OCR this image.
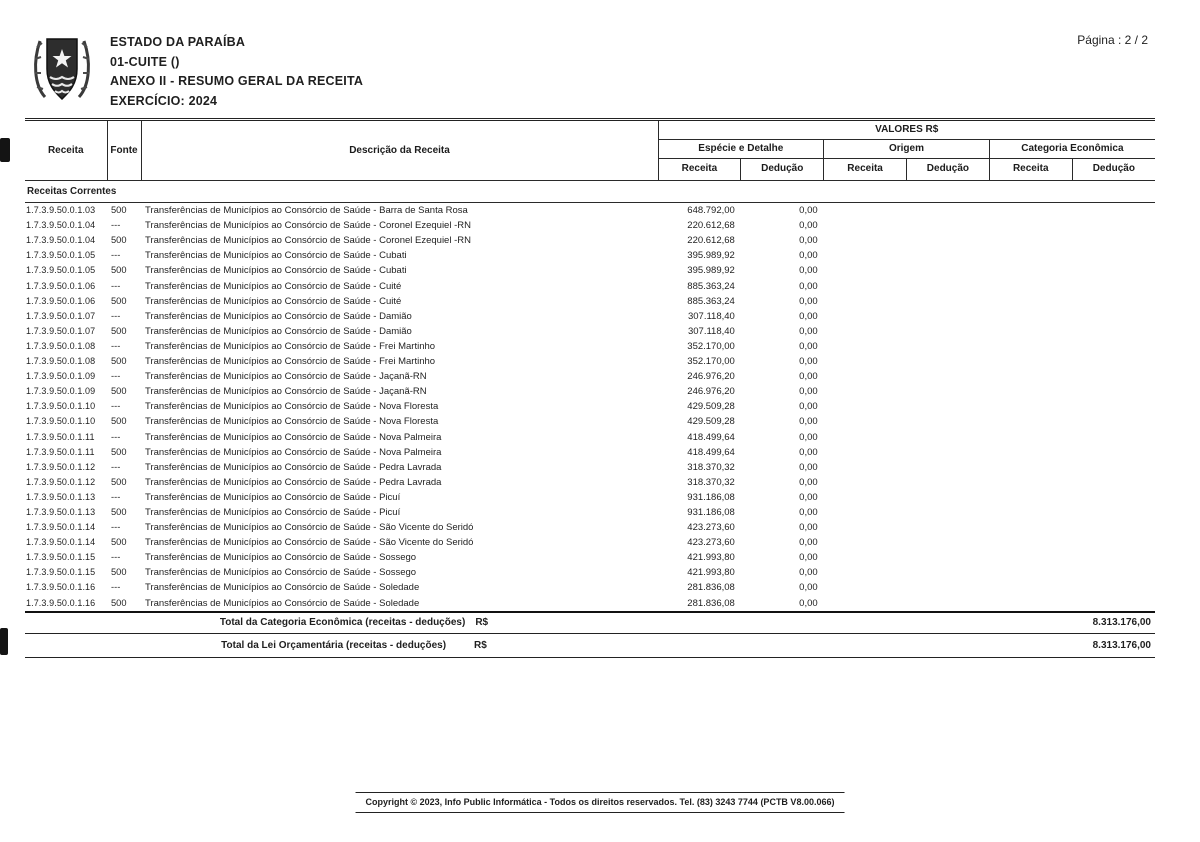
ESTADO DA PARAÍBA
01-CUITE ()
ANEXO II - RESUMO GERAL DA RECEITA
EXERCÍCIO: 2024
Página : 2 / 2
Receita	Fonte	Descrição da Receita	VALORES R$					
			Espécie e Detalhe		Origem		Categoria Econômica	
			Receita	Dedução	Receita	Dedução	Receita	Dedução
Receitas Correntes								
1.7.3.9.50.0.1.03	500	Transferências de Municípios ao Consórcio de Saúde - Barra de Santa Rosa	648.792,00	0,00				
1.7.3.9.50.0.1.04	---	Transferências de Municípios ao Consórcio de Saúde - Coronel Ezequiel -RN	220.612,68	0,00				
1.7.3.9.50.0.1.04	500	Transferências de Municípios ao Consórcio de Saúde - Coronel Ezequiel -RN	220.612,68	0,00				
1.7.3.9.50.0.1.05	---	Transferências de Municípios ao Consórcio de Saúde - Cubati	395.989,92	0,00				
1.7.3.9.50.0.1.05	500	Transferências de Municípios ao Consórcio de Saúde - Cubati	395.989,92	0,00				
1.7.3.9.50.0.1.06	---	Transferências de Municípios ao Consórcio de Saúde - Cuité	885.363,24	0,00				
1.7.3.9.50.0.1.06	500	Transferências de Municípios ao Consórcio de Saúde - Cuité	885.363,24	0,00				
1.7.3.9.50.0.1.07	---	Transferências de Municípios ao Consórcio de Saúde - Damião	307.118,40	0,00				
1.7.3.9.50.0.1.07	500	Transferências de Municípios ao Consórcio de Saúde - Damião	307.118,40	0,00				
1.7.3.9.50.0.1.08	---	Transferências de Municípios ao Consórcio de Saúde - Frei Martinho	352.170,00	0,00				
1.7.3.9.50.0.1.08	500	Transferências de Municípios ao Consórcio de Saúde - Frei Martinho	352.170,00	0,00				
1.7.3.9.50.0.1.09	---	Transferências de Municípios ao Consórcio de Saúde - Jaçanã-RN	246.976,20	0,00				
1.7.3.9.50.0.1.09	500	Transferências de Municípios ao Consórcio de Saúde - Jaçanã-RN	246.976,20	0,00				
1.7.3.9.50.0.1.10	---	Transferências de Municípios ao Consórcio de Saúde - Nova Floresta	429.509,28	0,00				
1.7.3.9.50.0.1.10	500	Transferências de Municípios ao Consórcio de Saúde - Nova Floresta	429.509,28	0,00				
1.7.3.9.50.0.1.11	---	Transferências de Municípios ao Consórcio de Saúde - Nova Palmeira	418.499,64	0,00				
1.7.3.9.50.0.1.11	500	Transferências de Municípios ao Consórcio de Saúde - Nova Palmeira	418.499,64	0,00				
1.7.3.9.50.0.1.12	---	Transferências de Municípios ao Consórcio de Saúde - Pedra Lavrada	318.370,32	0,00				
1.7.3.9.50.0.1.12	500	Transferências de Municípios ao Consórcio de Saúde - Pedra Lavrada	318.370,32	0,00				
1.7.3.9.50.0.1.13	---	Transferências de Municípios ao Consórcio de Saúde - Picuí	931.186,08	0,00				
1.7.3.9.50.0.1.13	500	Transferências de Municípios ao Consórcio de Saúde - Picuí	931.186,08	0,00				
1.7.3.9.50.0.1.14	---	Transferências de Municípios ao Consórcio de Saúde - São Vicente do Seridó	423.273,60	0,00				
1.7.3.9.50.0.1.14	500	Transferências de Municípios ao Consórcio de Saúde - São Vicente do Seridó	423.273,60	0,00				
1.7.3.9.50.0.1.15	---	Transferências de Municípios ao Consórcio de Saúde - Sossego	421.993,80	0,00				
1.7.3.9.50.0.1.15	500	Transferências de Municípios ao Consórcio de Saúde - Sossego	421.993,80	0,00				
1.7.3.9.50.0.1.16	---	Transferências de Municípios ao Consórcio de Saúde - Soledade	281.836,08	0,00				
1.7.3.9.50.0.1.16	500	Transferências de Municípios ao Consórcio de Saúde - Soledade	281.836,08	0,00				
Total da Categoria Econômica (receitas - deduções) R$	8.313.176,00
Total da Lei Orçamentária (receitas - deduções)	R$	8.313.176,00
Copyright © 2023, Info Public Informática - Todos os direitos reservados. Tel. (83) 3243 7744 (PCTB V8.00.066)
